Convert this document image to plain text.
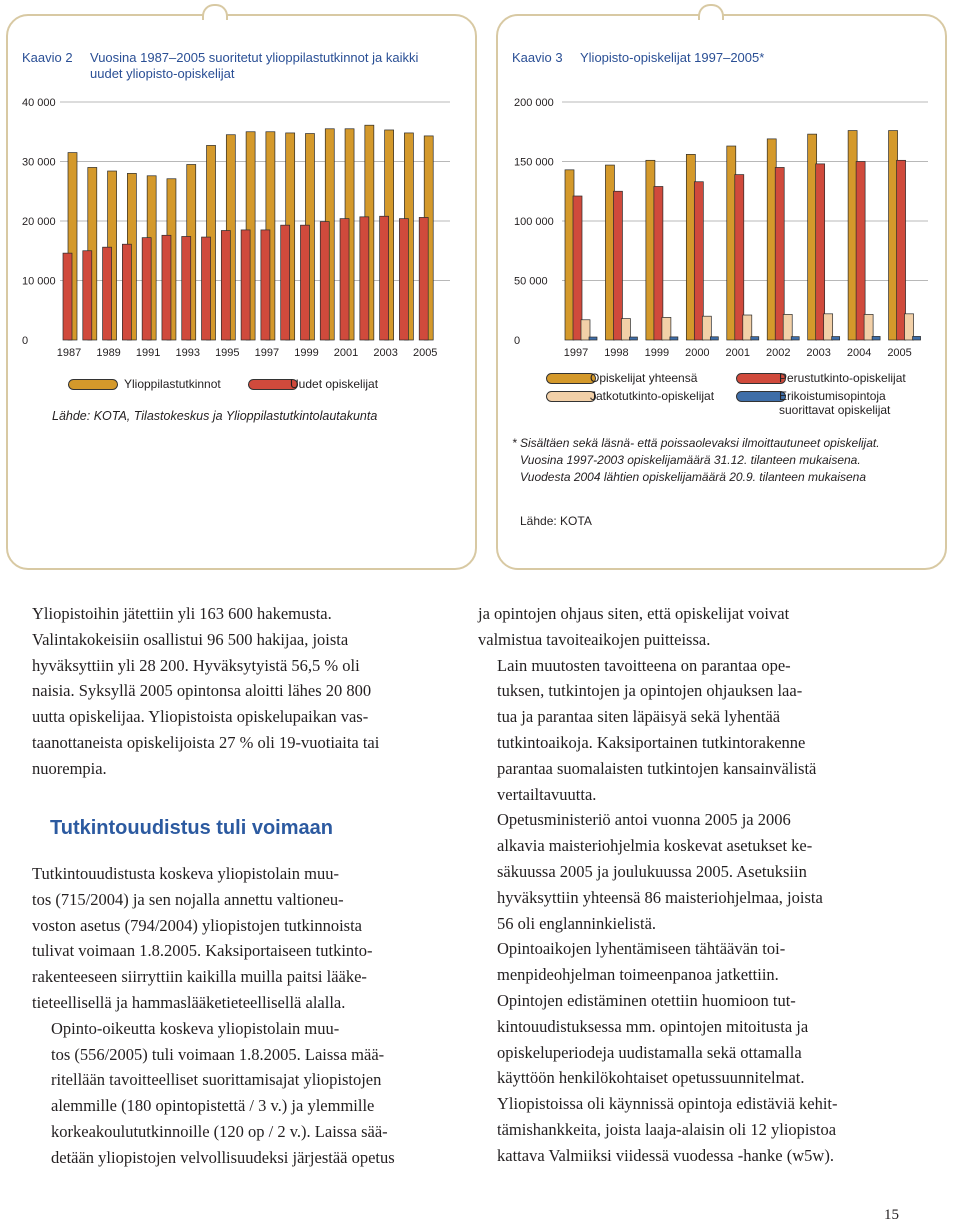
Kaavio 2 Vuosina 1987–2005 suoritetut ylioppilastutkinnot ja kaikki uudet yliopisto-opiskelijat
0
10 000
20 000
30 000
40 000
1987 1989 1991 1993 1995 1997 1999 2001 2003 2005
Ylioppilastutkinnot	Uudet opiskelijat
Lähde: KOTA, Tilastokeskus ja Ylioppilastutkintolautakunta
Kaavio 3 Yliopisto-opiskelijat 1997–2005*
0
50 000
100 000
150 000
200 000
1997 1998 1999 2000 2001 2002 2003 2004 2005
Opiskelijat yhteensä
Jatkotutkinto-opiskelijat
Perustutkinto-opiskelijat
Erikoistumisopintoja suorittavat opiskelijat
* Sisältäen sekä läsnä- että poissaolevaksi ilmoittautuneet opiskelijat.
Vuosina 1997-2003 opiskelijamäärä 31.12. tilanteen mukaisena.
Vuodesta 2004 lähtien opiskelijamäärä 20.9. tilanteen mukaisena
Lähde: KOTA

Yliopistoihin jätettiin yli 163 600 hakemusta.
Valintakokeisiin osallistui 96 500 hakijaa, joista
hyväksyttiin yli 28 200. Hyväksytyistä 56,5 % oli
naisia. Syksyllä 2005 opintonsa aloitti lähes 20 800
uutta opiskelijaa. Yliopistoista opiskelupaikan vas-
taanottaneista opiskelijoista 27 % oli 19-vuotiaita tai
nuorempia.

Tutkintouudistus tuli voimaan

Tutkintouudistusta koskeva yliopistolain muu-
tos (715/2004) ja sen nojalla annettu valtioneu-
voston asetus (794/2004) yliopistojen tutkinnoista
tulivat voimaan 1.8.2005. Kaksiportaiseen tutkinto-
rakenteeseen siirryttiin kaikilla muilla paitsi lääke-
tieteellisellä ja hammaslääketieteellisellä alalla.

Opinto-oikeutta koskeva yliopistolain muu-
tos (556/2005) tuli voimaan 1.8.2005. Laissa mää-
ritellään tavoitteelliset suorittamisajat yliopistojen
alemmille (180 opintopistettä / 3 v.) ja ylemmille
korkeakoulututkinnoille (120 op / 2 v.). Laissa sää-
detään yliopistojen velvollisuudeksi järjestää opetus

ja opintojen ohjaus siten, että opiskelijat voivat
valmistua tavoiteaikojen puitteissa.

Lain muutosten tavoitteena on parantaa ope-
tuksen, tutkintojen ja opintojen ohjauksen laa-
tua ja parantaa siten läpäisyä sekä lyhentää
tutkintoaikoja. Kaksiportainen tutkintorakenne
parantaa suomalaisten tutkintojen kansainvälistä
vertailtavuutta.

Opetusministeriö antoi vuonna 2005 ja 2006
alkavia maisteriohjelmia koskevat asetukset ke-
säkuussa 2005 ja joulukuussa 2005. Asetuksiin
hyväksyttiin yhteensä 86 maisteriohjelmaa, joista
56 oli englanninkielistä.

Opintoaikojen lyhentämiseen tähtäävän toi-
menpideohjelman toimeenpanoa jatkettiin.
Opintojen edistäminen otettiin huomioon tut-
kintouudistuksessa mm. opintojen mitoitusta ja
opiskeluperiodeja uudistamalla sekä ottamalla
käyttöön henkilökohtaiset opetussuunnitelmat.
Yliopistoissa oli käynnissä opintoja edistäviä kehit-
tämishankkeita, joista laaja-alaisin oli 12 yliopistoa
kattava Valmiiksi viidessä vuodessa -hanke (w5w).

15
